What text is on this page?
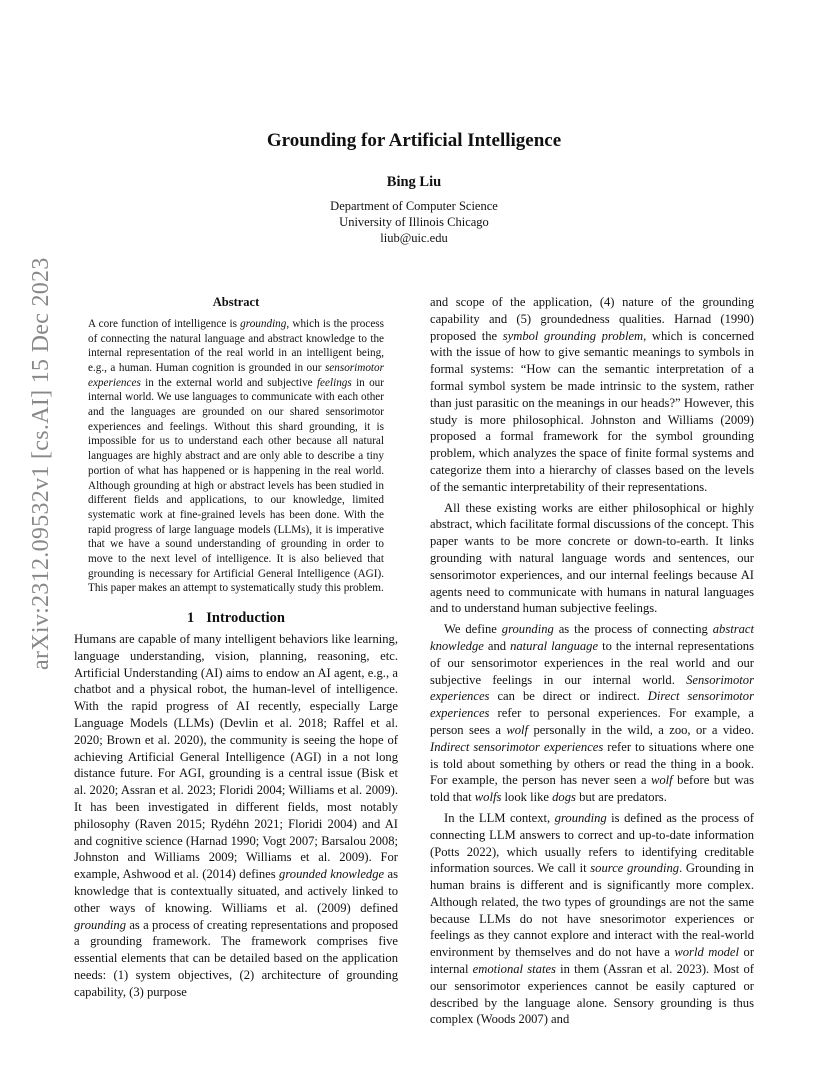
arXiv:2312.09532v1 [cs.AI] 15 Dec 2023
Grounding for Artificial Intelligence
Bing Liu
Department of Computer Science
University of Illinois Chicago
liub@uic.edu
Abstract

A core function of intelligence is grounding, which is the process of connecting the natural language and abstract knowledge to the internal representation of the real world in an intelligent being, e.g., a human. Human cognition is grounded in our sensorimotor experiences in the external world and subjective feelings in our internal world. We use languages to communicate with each other and the languages are grounded on our shared sensorimotor experiences and feelings. Without this shard grounding, it is impossible for us to understand each other because all natural languages are highly abstract and are only able to describe a tiny portion of what has happened or is happening in the real world. Although grounding at high or abstract levels has been studied in different fields and applications, to our knowledge, limited systematic work at fine-grained levels has been done. With the rapid progress of large language models (LLMs), it is imperative that we have a sound understanding of grounding in order to move to the next level of intelligence. It is also believed that grounding is necessary for Artificial General Intelligence (AGI). This paper makes an attempt to systematically study this problem.

1 Introduction

Humans are capable of many intelligent behaviors like learning, language understanding, vision, planning, reasoning, etc. Artificial Understanding (AI) aims to endow an AI agent, e.g., a chatbot and a physical robot, the human-level of intelligence. With the rapid progress of AI recently, especially Large Language Models (LLMs) (Devlin et al. 2018; Raffel et al. 2020; Brown et al. 2020), the community is seeing the hope of achieving Artificial General Intelligence (AGI) in a not long distance future. For AGI, grounding is a central issue (Bisk et al. 2020; Assran et al. 2023; Floridi 2004; Williams et al. 2009). It has been investigated in different fields, most notably philosophy (Raven 2015; Rydéhn 2021; Floridi 2004) and AI and cognitive science (Harnad 1990; Vogt 2007; Barsalou 2008; Johnston and Williams 2009; Williams et al. 2009). For example, Ashwood et al. (2014) defines grounded knowledge as knowledge that is contextually situated, and actively linked to other ways of knowing. Williams et al. (2009) defined grounding as a process of creating representations and proposed a grounding framework. The framework comprises five essential elements that can be detailed based on the application needs: (1) system objectives, (2) architecture of grounding capability, (3) purpose

and scope of the application, (4) nature of the grounding capability and (5) groundedness qualities. Harnad (1990) proposed the symbol grounding problem, which is concerned with the issue of how to give semantic meanings to symbols in formal systems: “How can the semantic interpretation of a formal symbol system be made intrinsic to the system, rather than just parasitic on the meanings in our heads?” However, this study is more philosophical. Johnston and Williams (2009) proposed a formal framework for the symbol grounding problem, which analyzes the space of finite formal systems and categorize them into a hierarchy of classes based on the levels of the semantic interpretability of their representations.

All these existing works are either philosophical or highly abstract, which facilitate formal discussions of the concept. This paper wants to be more concrete or down-to-earth. It links grounding with natural language words and sentences, our sensorimotor experiences, and our internal feelings because AI agents need to communicate with humans in natural languages and to understand human subjective feelings.

We define grounding as the process of connecting abstract knowledge and natural language to the internal representations of our sensorimotor experiences in the real world and our subjective feelings in our internal world. Sensorimotor experiences can be direct or indirect. Direct sensorimotor experiences refer to personal experiences. For example, a person sees a wolf personally in the wild, a zoo, or a video. Indirect sensorimotor experiences refer to situations where one is told about something by others or read the thing in a book. For example, the person has never seen a wolf before but was told that wolfs look like dogs but are predators.

In the LLM context, grounding is defined as the process of connecting LLM answers to correct and up-to-date information (Potts 2022), which usually refers to identifying creditable information sources. We call it source grounding. Grounding in human brains is different and is significantly more complex. Although related, the two types of groundings are not the same because LLMs do not have snesorimotor experiences or feelings as they cannot explore and interact with the real-world environment by themselves and do not have a world model or internal emotional states in them (Assran et al. 2023). Most of our sensorimotor experiences cannot be easily captured or described by the language alone. Sensory grounding is thus complex (Woods 2007) and
